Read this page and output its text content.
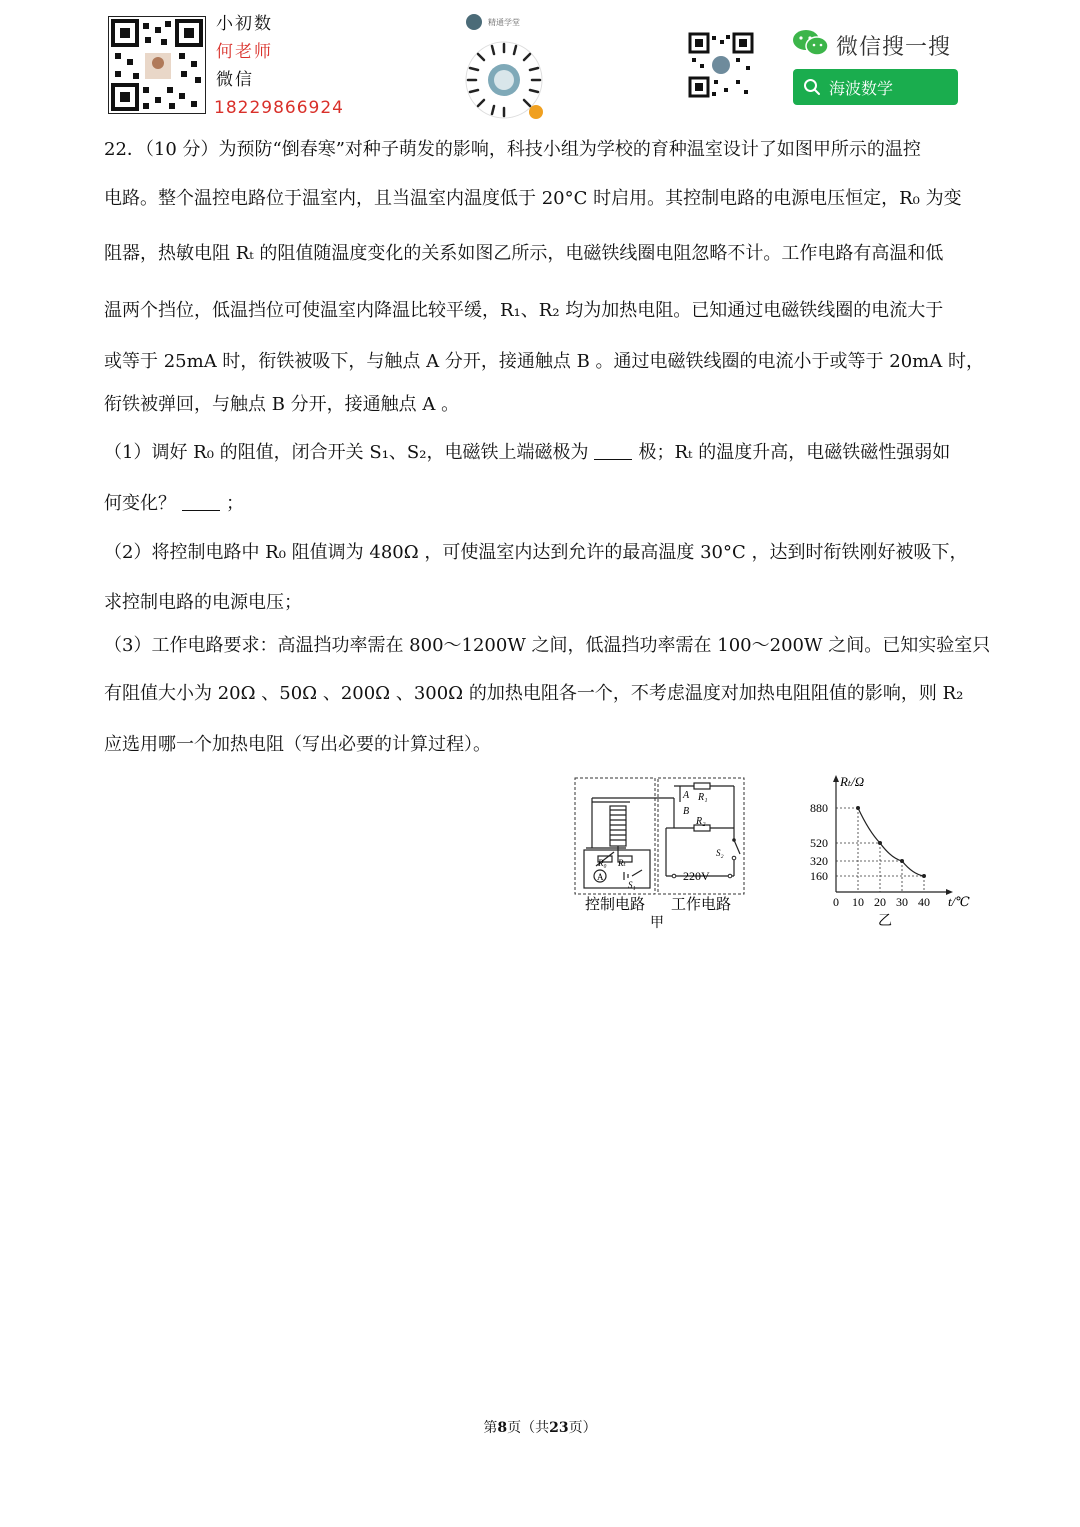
小初数
何老师
微信
18229866924
精通学堂
微信搜一搜
海波数学
22．（10 分）为预防“倒春寒”对种子萌发的影响，科技小组为学校的育种温室设计了如图甲所示的温控
电路。整个温控电路位于温室内，且当温室内温度低于 20°C 时启用。其控制电路的电源电压恒定，R₀ 为变
阻器，热敏电阻 Rₜ 的阻值随温度变化的关系如图乙所示，电磁铁线圈电阻忽略不计。工作电路有高温和低
温两个挡位，低温挡位可使温室内降温比较平缓，R₁、R₂ 均为加热电阻。已知通过电磁铁线圈的电流大于
或等于 25mA 时，衔铁被吸下，与触点 A 分开，接通触点 B 。通过电磁铁线圈的电流小于或等于 20mA 时，
衔铁被弹回，与触点 B 分开，接通触点 A 。
（1）调好 R₀ 的阻值，闭合开关 S₁、S₂，电磁铁上端磁极为	极；Rₜ 的温度升高，电磁铁磁性强弱如
何变化？	；
（2）将控制电路中 R₀ 阻值调为 480Ω ，可使温室内达到允许的最高温度 30°C ，达到时衔铁刚好被吸下，
求控制电路的电源电压；
（3）工作电路要求：高温挡功率需在 800～1200W 之间，低温挡功率需在 100～200W 之间。已知实验室只
有阻值大小为 20Ω 、50Ω 、200Ω 、300Ω 的加热电阻各一个，不考虑温度对加热电阻阻值的影响，则 R₂
应选用哪一个加热电阻（写出必要的计算过程）。
A
B
R₁
R₂
R₀ Rₜ
A
S₁
S₂
220V
控制电路 工作电路
甲
Rₜ/Ω
t/℃
乙
0 10 20 30 40
160
320
520
880
第8页（共23页）
